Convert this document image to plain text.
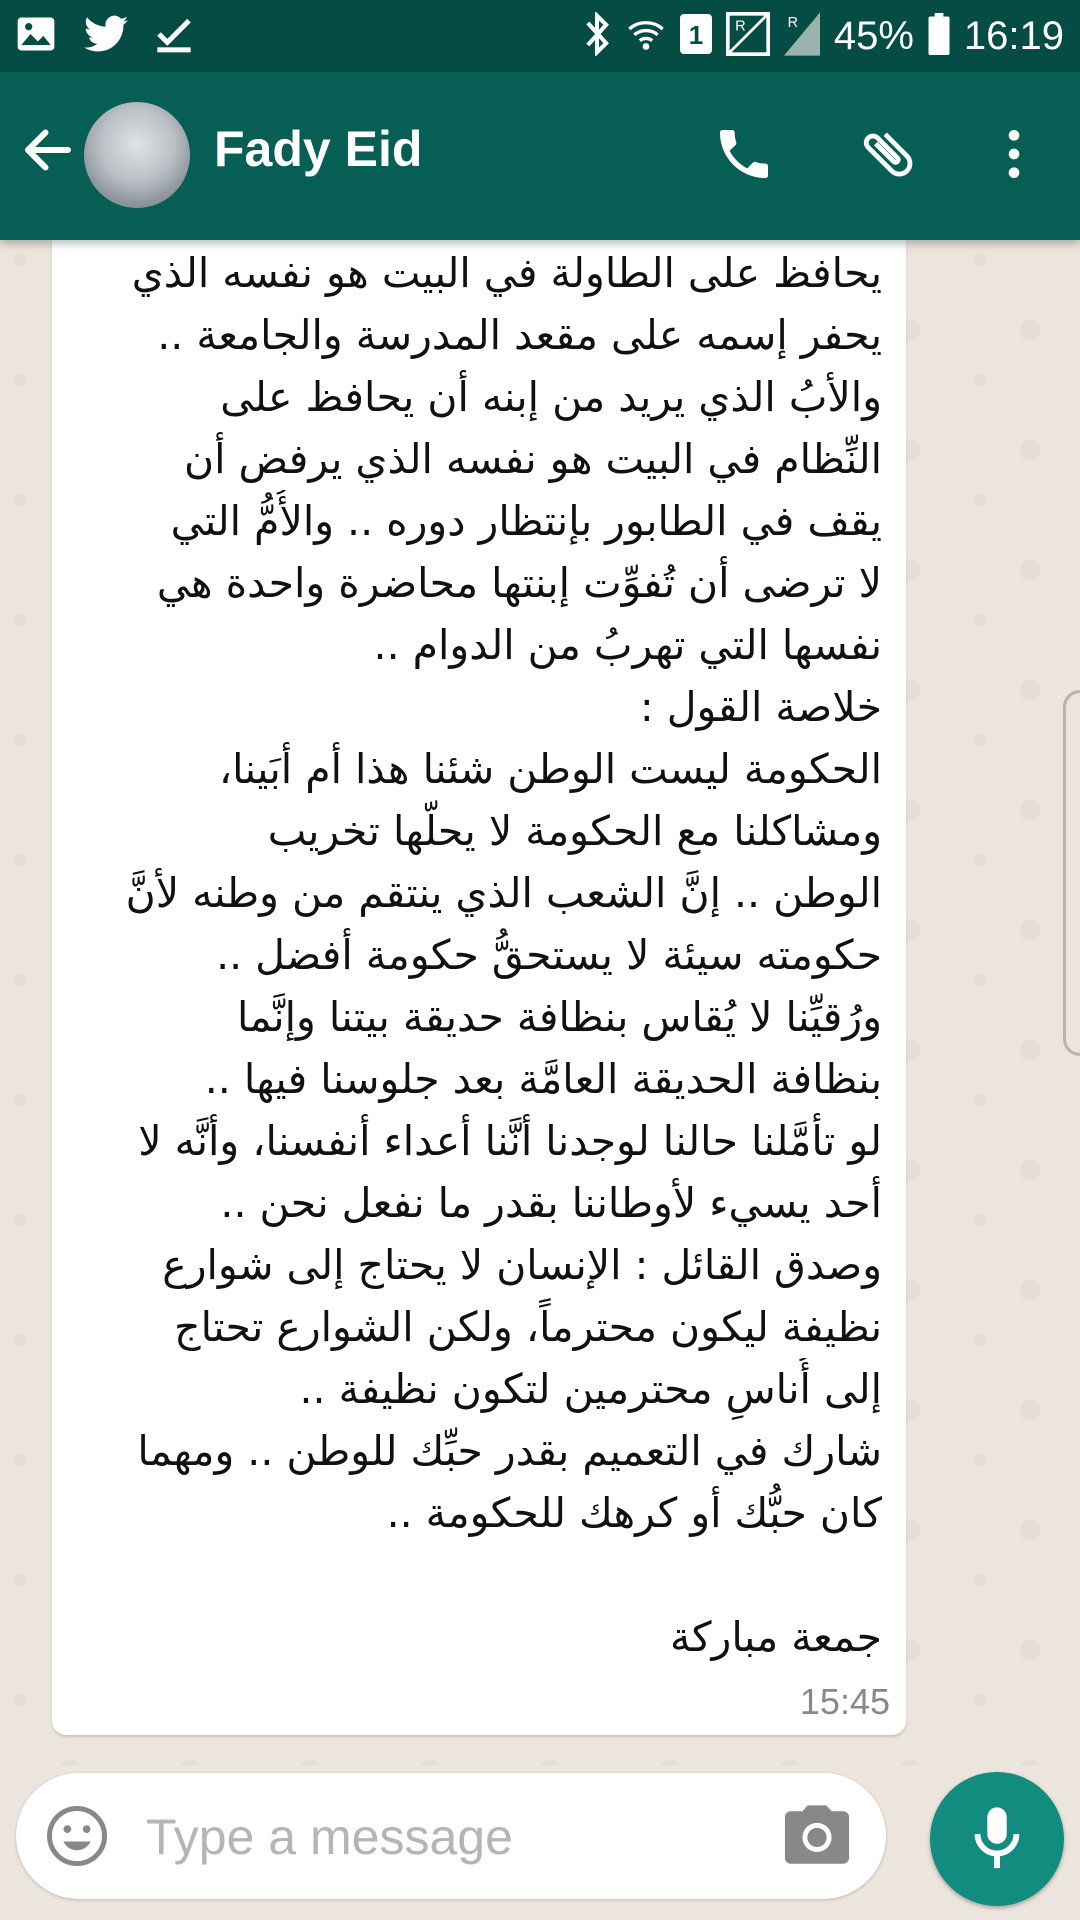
1	R	R 45% 16:19
Fady Eid
يحافظ على الطاولة في البيت هو نفسه الذي
يحفر إسمه على مقعد المدرسة والجامعة ..
والأبُ الذي يريد من إبنه أن يحافظ على
النِّظام في البيت هو نفسه الذي يرفض أن
يقف في الطابور بإنتظار دوره .. والأُمُّ التي
لا ترضى أن تُفوِّت إبنتها محاضرة واحدة هي
نفسها التي تهربُ من الدوام ..
خلاصة القول :
الحكومة ليست الوطن شئنا هذا أم أبَينا،
ومشاكلنا مع الحكومة لا يحلُّها تخريب
الوطن .. إنَّ الشعب الذي ينتقم من وطنه لأنَّ
حكومته سيئة لا يستحقُّ حكومة أفضل ..
ورُقيِّنا لا يُقاس بنظافة حديقة بيتنا وإنَّما
بنظافة الحديقة العامَّة بعد جلوسنا فيها ..
لو تأمَّلنا حالنا لوجدنا أنَّنا أعداء أنفسنا، وأنَّه لا
أحد يسيء لأوطاننا بقدر ما نفعل نحن ..
وصدق القائل : الإنسان لا يحتاج إلى شوارع
نظيفة ليكون محترماً، ولكن الشوارع تحتاج
إلى أُناسٍ محترمين لتكون نظيفة ..
شارك في التعميم بقدر حبِّك للوطن .. ومهما
كان حبُّك أو كرهك للحكومة ..
جمعة مباركة
15:45
Type a message
